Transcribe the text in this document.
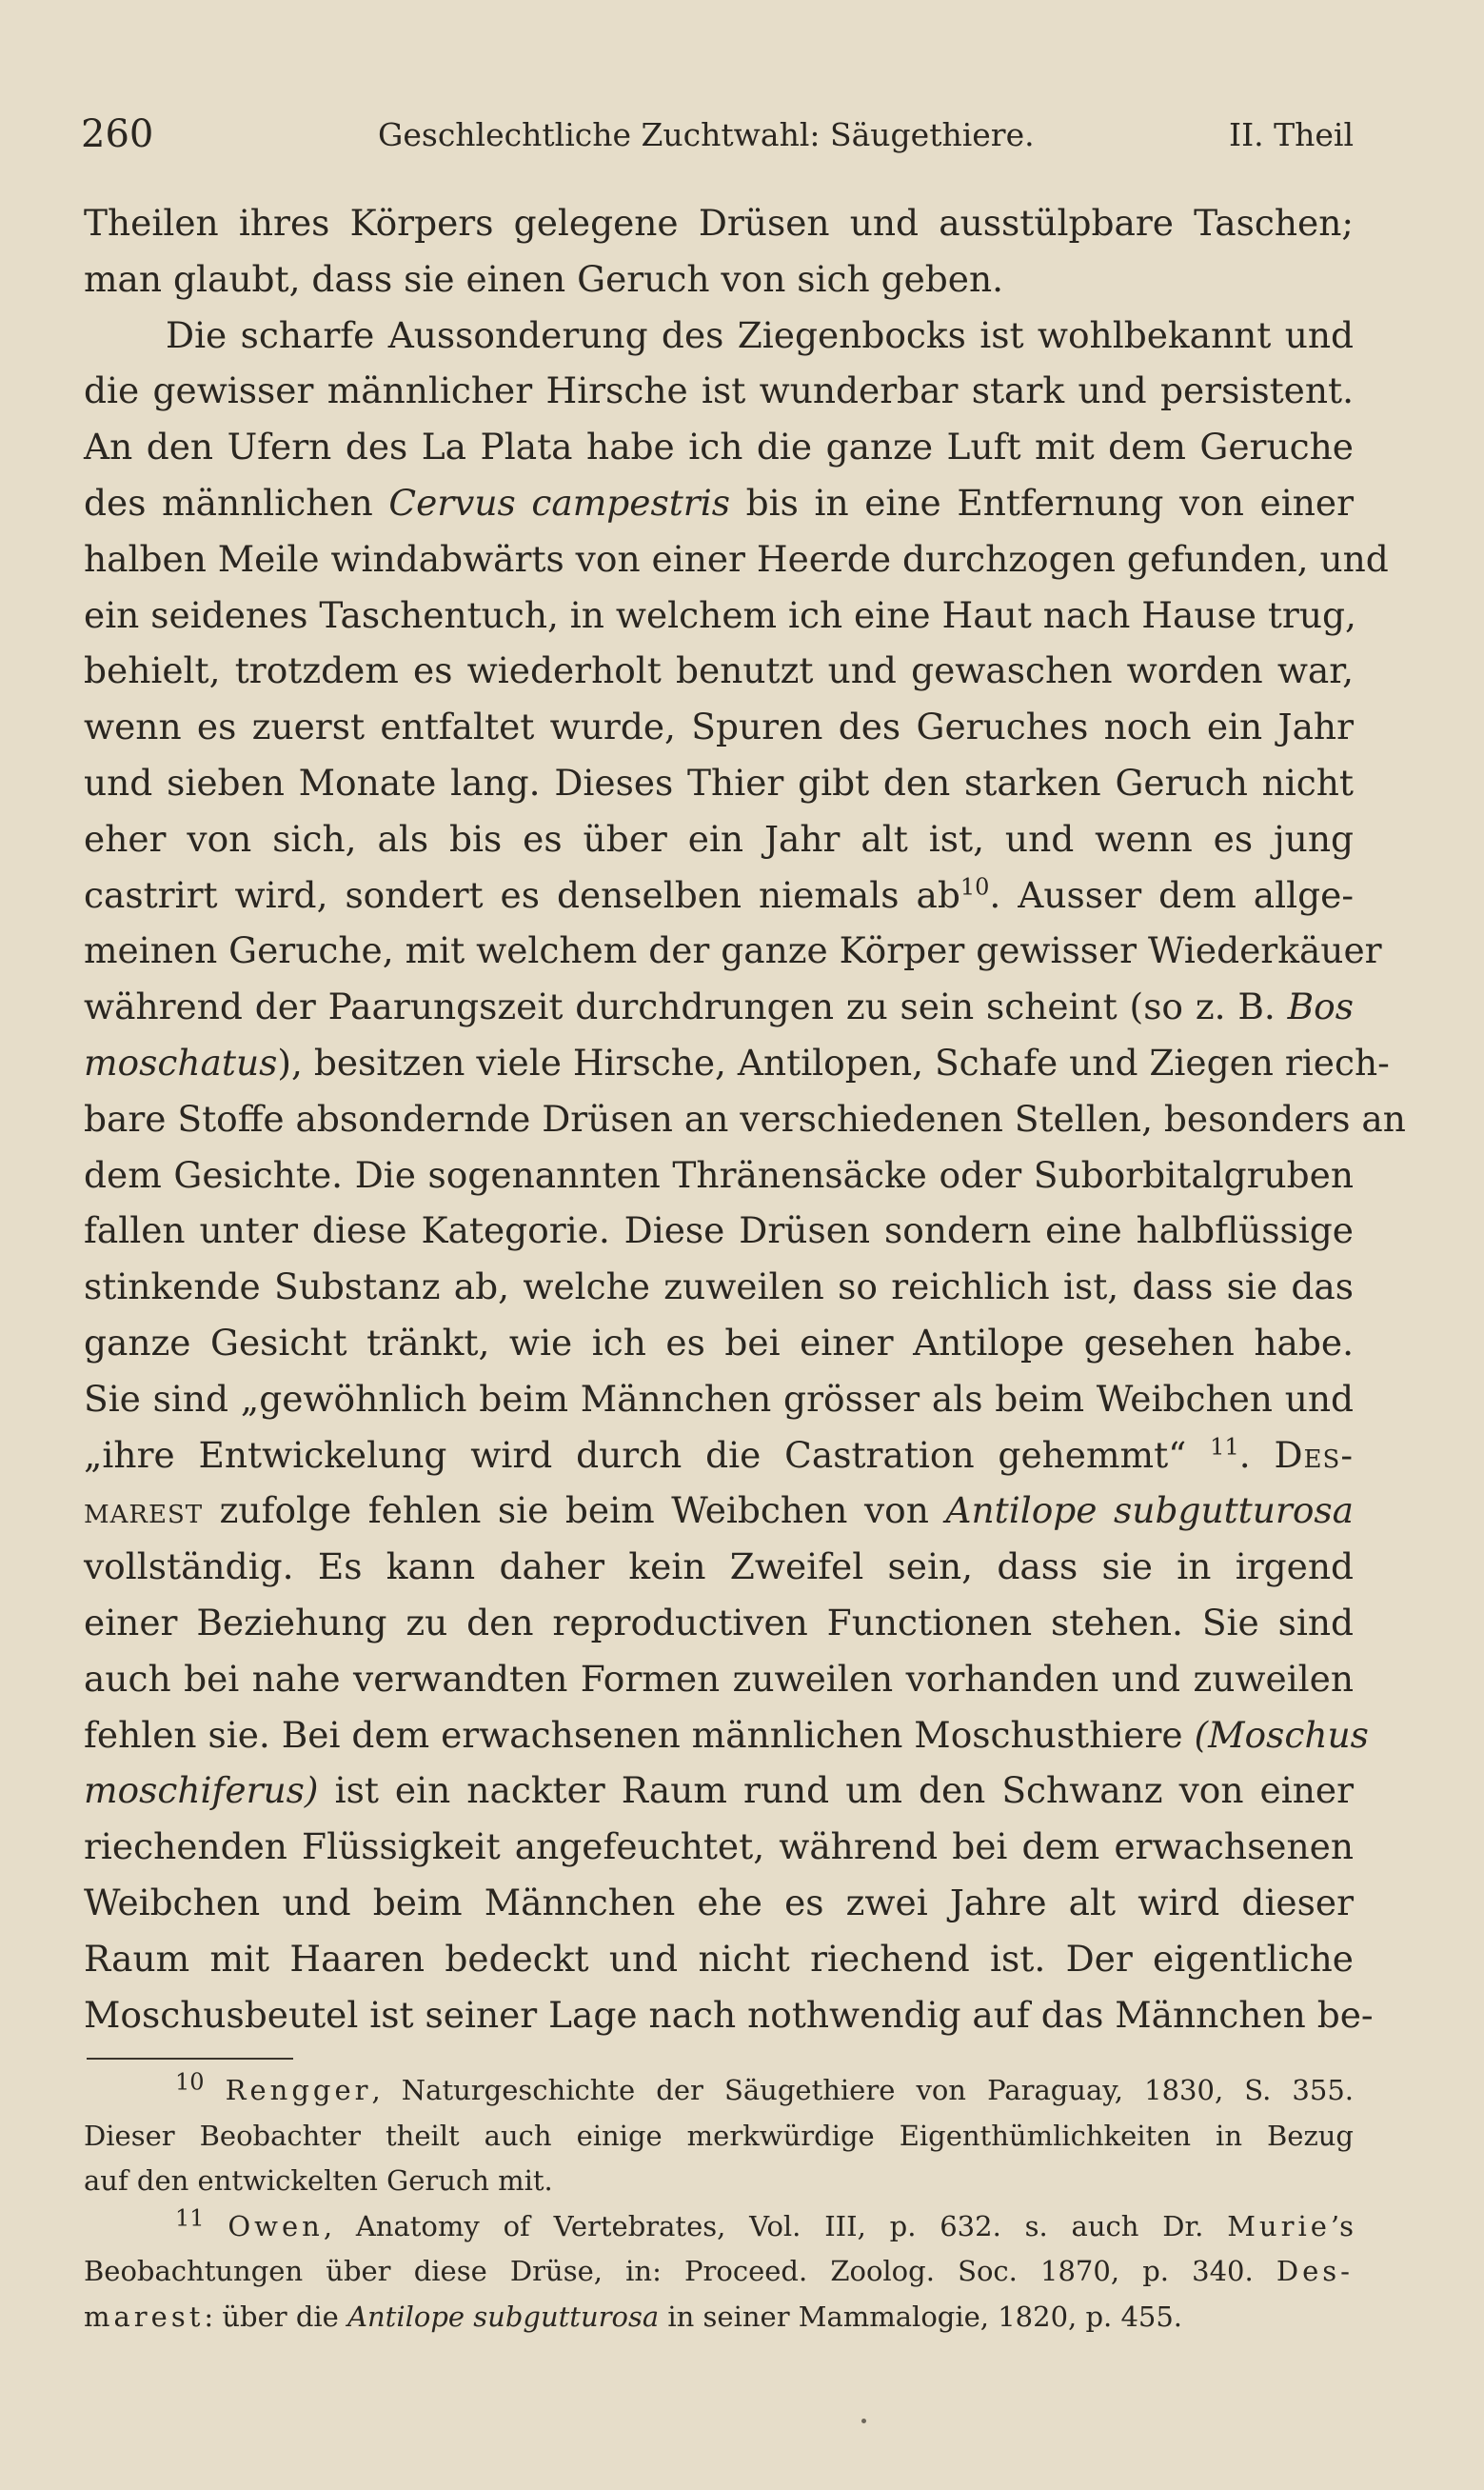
260	Geschlechtliche Zuchtwahl: Säugethiere.	II. Theil
Theilen ihres Körpers gelegene Drüsen und ausstülpbare Taschen;
man glaubt, dass sie einen Geruch von sich geben.
Die scharfe Aussonderung des Ziegenbocks ist wohlbekannt und
die gewisser männlicher Hirsche ist wunderbar stark und persistent.
An den Ufern des La Plata habe ich die ganze Luft mit dem Geruche
des männlichen Cervus campestris bis in eine Entfernung von einer
halben Meile windabwärts von einer Heerde durchzogen gefunden, und
ein seidenes Taschentuch, in welchem ich eine Haut nach Hause trug,
behielt, trotzdem es wiederholt benutzt und gewaschen worden war,
wenn es zuerst entfaltet wurde, Spuren des Geruches noch ein Jahr
und sieben Monate lang. Dieses Thier gibt den starken Geruch nicht
eher von sich, als bis es über ein Jahr alt ist, und wenn es jung
castrirt wird, sondert es denselben niemals $ab^{10}$. Ausser dem allge-
meinen Geruche, mit welchem der ganze Körper gewisser Wiederkäuer
während der Paarungszeit durchdrungen zu sein scheint (so z. B. Bos
moschatus), besitzen viele Hirsche, Antilopen, Schafe und Ziegen riech-
bare Stoffe absondernde Drüsen an verschiedenen Stellen, besonders an
dem Gesichte. Die sogenannten Thränensäcke oder Suborbitalgruben
fallen unter diese Kategorie. Diese Drüsen sondern eine halbflüssige
stinkende Substanz ab, welche zuweilen so reichlich ist, dass sie das
ganze Gesicht tränkt, wie ich es bei einer Antilope gesehen habe.
Sie sind „gewöhnlich beim Männchen grösser als beim Weibchen und
„ihre Entwickelung wird durch die Castration gehemmt“ $^{11}$. Des-
marest zufolge fehlen sie beim Weibchen von Antilope subgutturosa
vollständig. Es kann daher kein Zweifel sein, dass sie in irgend
einer Beziehung zu den reproductiven Functionen stehen. Sie sind
auch bei nahe verwandten Formen zuweilen vorhanden und zuweilen
fehlen sie. Bei dem erwachsenen männlichen Moschusthiere (Moschus
moschiferus) ist ein nackter Raum rund um den Schwanz von einer
riechenden Flüssigkeit angefeuchtet, während bei dem erwachsenen
Weibchen und beim Männchen ehe es zwei Jahre alt wird dieser
Raum mit Haaren bedeckt und nicht riechend ist. Der eigentliche
Moschusbeutel ist seiner Lage nach nothwendig auf das Männchen be-
$^{10}$ Rengger, Naturgeschichte der Säugethiere von Paraguay, 1830, S. 355.
Dieser Beobachter theilt auch einige merkwürdige Eigenthümlichkeiten in Bezug
auf den entwickelten Geruch mit.
$^{11}$ Owen, Anatomy of Vertebrates, Vol. III, p. 632. s. auch Dr. Murie’s
Beobachtungen über diese Drüse, in: Proceed. Zoolog. Soc. 1870, p. 340. Des-
marest: über die Antilope subgutturosa in seiner Mammalogie, 1820, p. 455.
